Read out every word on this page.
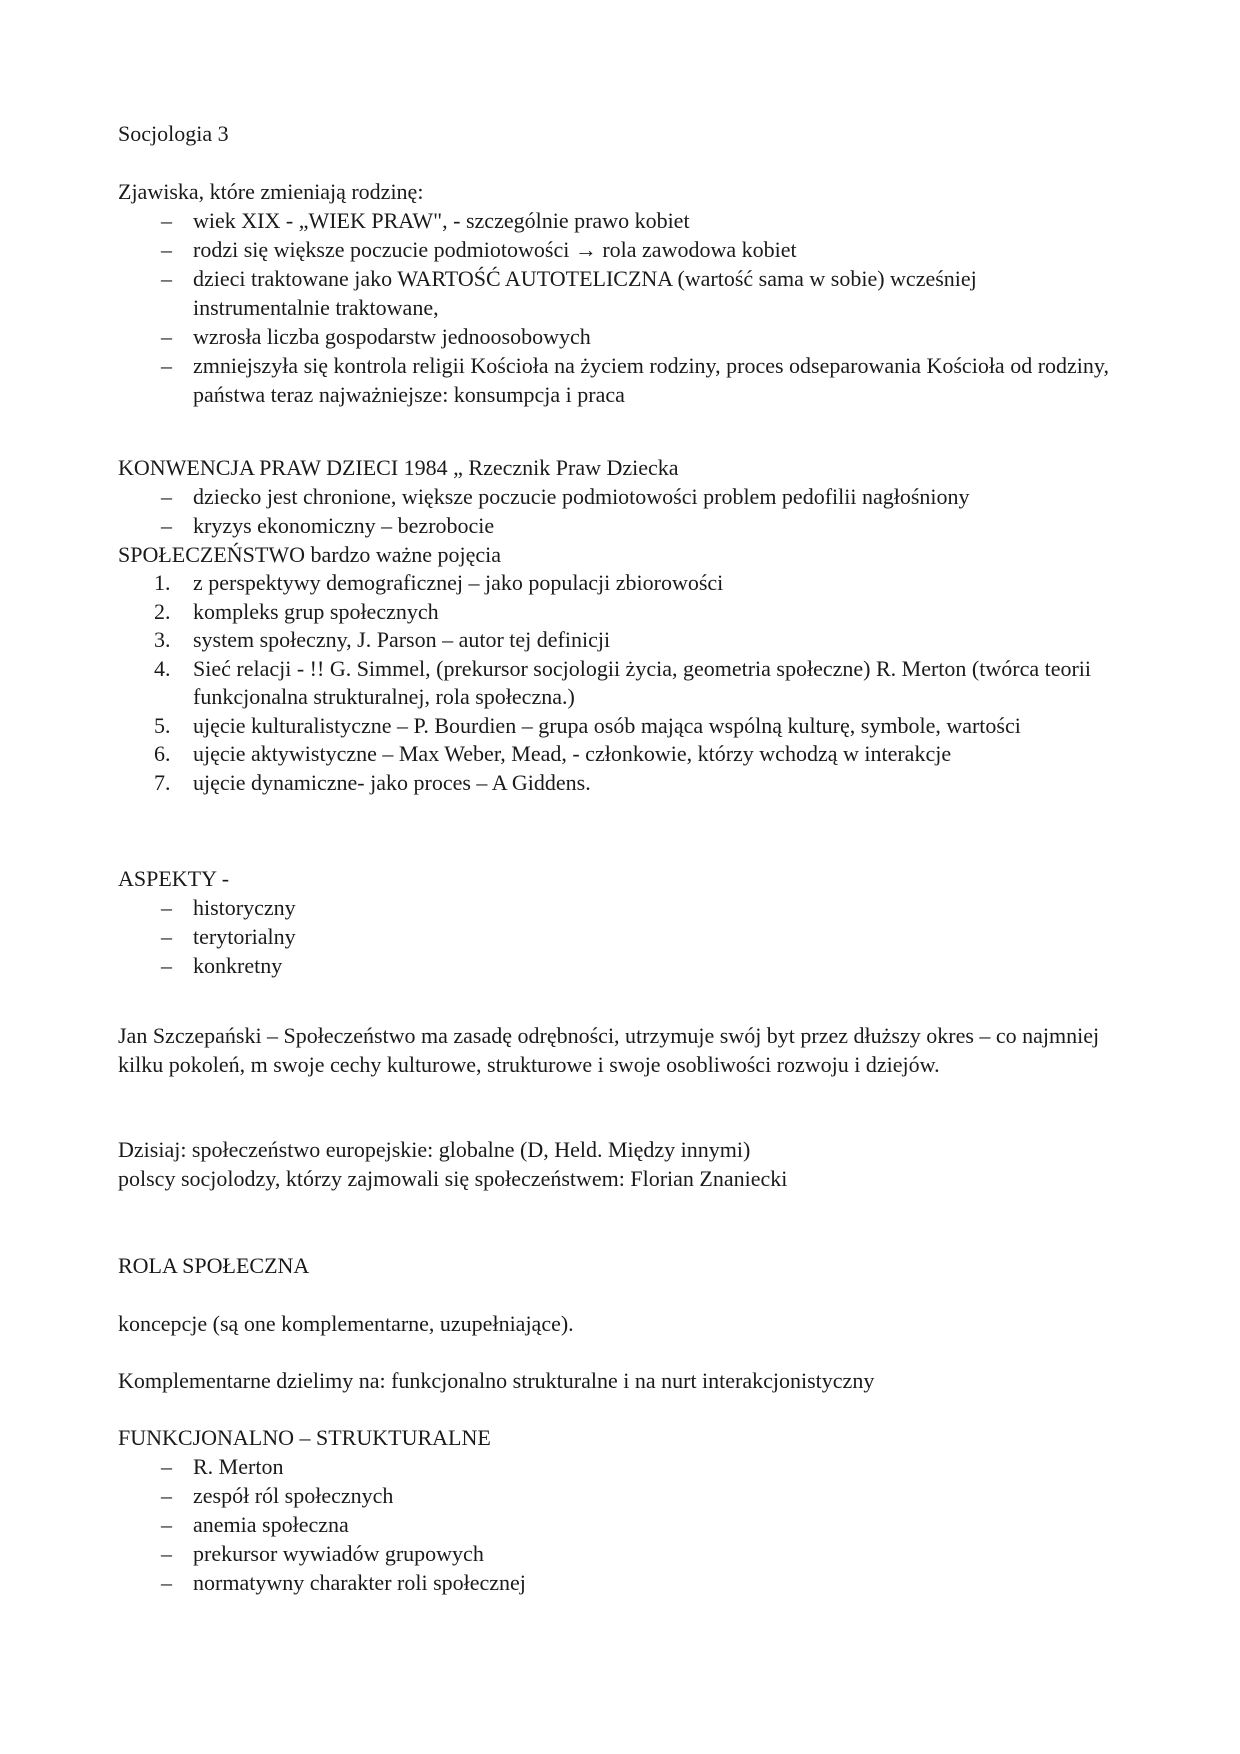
Socjologia 3

Zjawiska, które zmieniają rodzinę:

– wiek XIX - „WIEK PRAW", - szczególnie prawo kobiet
– rodzi się większe poczucie podmiotowości → rola zawodowa kobiet
– dzieci traktowane jako WARTOŚĆ AUTOTELICZNA (wartość sama w sobie) wcześniej instrumentalnie traktowane,
– wzrosła liczba gospodarstw jednoosobowych
– zmniejszyła się kontrola religii Kościoła na życiem rodziny, proces odseparowania Kościoła od rodziny, państwa teraz najważniejsze: konsumpcja i praca

KONWENCJA PRAW DZIECI 1984 „ Rzecznik Praw Dziecka

– dziecko jest chronione, większe poczucie podmiotowości problem pedofilii nagłośniony
– kryzys ekonomiczny – bezrobocie

SPOŁECZEŃSTWO bardzo ważne pojęcia

1. z perspektywy demograficznej – jako populacji zbiorowości
2. kompleks grup społecznych
3. system społeczny, J. Parson – autor tej definicji
4. Sieć relacji - !! G. Simmel, (prekursor socjologii życia, geometria społeczne) R. Merton (twórca teorii funkcjonalna strukturalnej, rola społeczna.)
5. ujęcie kulturalistyczne – P. Bourdien – grupa osób mająca wspólną kulturę, symbole, wartości
6. ujęcie aktywistyczne – Max Weber, Mead, - członkowie, którzy wchodzą w interakcje
7. ujęcie dynamiczne- jako proces – A Giddens.

ASPEKTY -

– historyczny
– terytorialny
– konkretny

Jan Szczepański – Społeczeństwo ma zasadę odrębności, utrzymuje swój byt przez dłuższy okres – co najmniej kilku pokoleń, m swoje cechy kulturowe, strukturowe i swoje osobliwości rozwoju i dziejów.

Dzisiaj: społeczeństwo europejskie: globalne (D, Held. Między innymi)

polscy socjolodzy, którzy zajmowali się społeczeństwem: Florian Znaniecki

ROLA SPOŁECZNA

koncepcje (są one komplementarne, uzupełniające).

Komplementarne dzielimy na: funkcjonalno strukturalne i na nurt interakcjonistyczny

FUNKCJONALNO – STRUKTURALNE

– R. Merton
– zespół ról społecznych
– anemia społeczna
– prekursor wywiadów grupowych
– normatywny charakter roli społecznej
